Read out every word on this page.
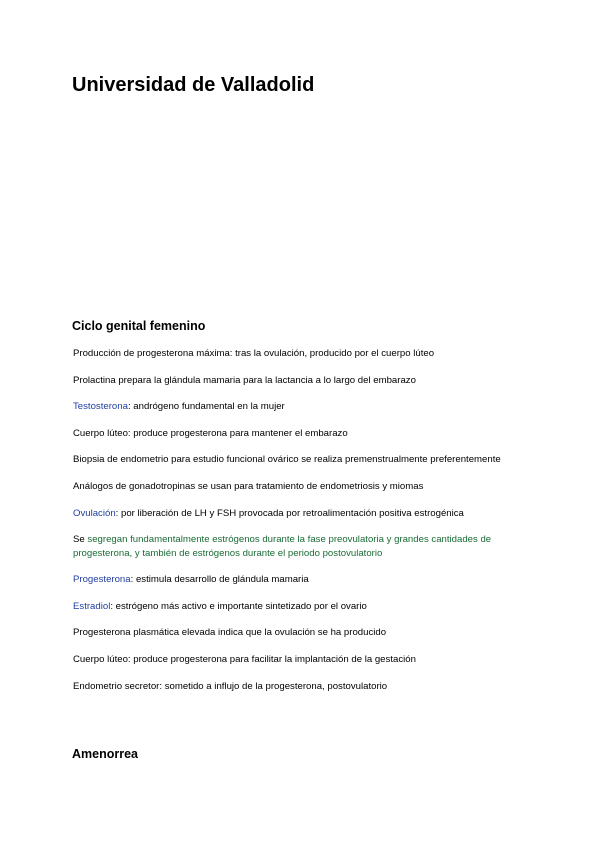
Universidad de Valladolid
Ciclo genital femenino
Producción de progesterona máxima: tras la ovulación, producido por el cuerpo lúteo
Prolactina prepara la glándula mamaria para la lactancia a lo largo del embarazo
Testosterona: andrógeno fundamental en la mujer
Cuerpo lúteo: produce progesterona para mantener el embarazo
Biopsia de endometrio para estudio funcional ovárico se realiza premenstrualmente preferentemente
Análogos de gonadotropinas se usan para tratamiento de endometriosis y miomas
Ovulación: por liberación de LH y FSH provocada por retroalimentación positiva estrogénica
Se segregan fundamentalmente estrógenos durante la fase preovulatoria y grandes cantidades de progesterona, y también de estrógenos durante el periodo postovulatorio
Progesterona: estimula desarrollo de glándula mamaria
Estradiol: estrógeno más activo e importante sintetizado por el ovario
Progesterona plasmática elevada indica que la ovulación se ha producido
Cuerpo lúteo: produce progesterona para facilitar la implantación de la gestación
Endometrio secretor: sometido a influjo de la progesterona, postovulatorio
Amenorrea
